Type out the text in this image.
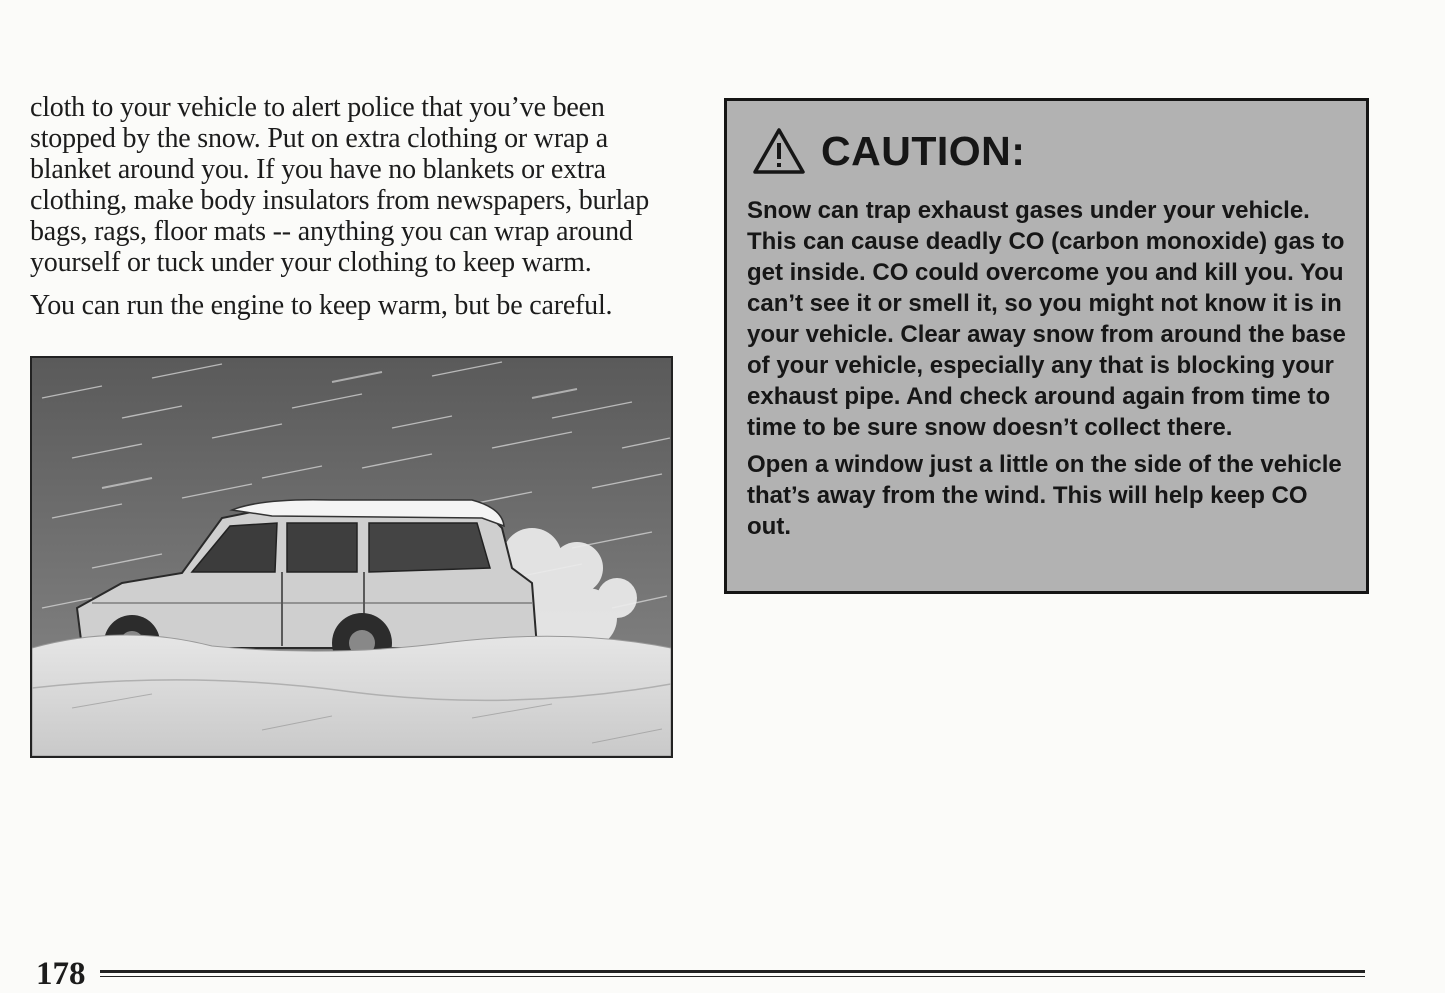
cloth to your vehicle to alert police that you’ve been stopped by the snow. Put on extra clothing or wrap a blanket around you. If you have no blankets or extra clothing, make body insulators from newspapers, burlap bags, rags, floor mats -- anything you can wrap around yourself or tuck under your clothing to keep warm.

You can run the engine to keep warm, but be careful.

CAUTION:

Snow can trap exhaust gases under your vehicle. This can cause deadly CO (carbon monoxide) gas to get inside. CO could overcome you and kill you. You can’t see it or smell it, so you might not know it is in your vehicle. Clear away snow from around the base of your vehicle, especially any that is blocking your exhaust pipe. And check around again from time to time to be sure snow doesn’t collect there.

Open a window just a little on the side of the vehicle that’s away from the wind. This will help keep CO out.

178
